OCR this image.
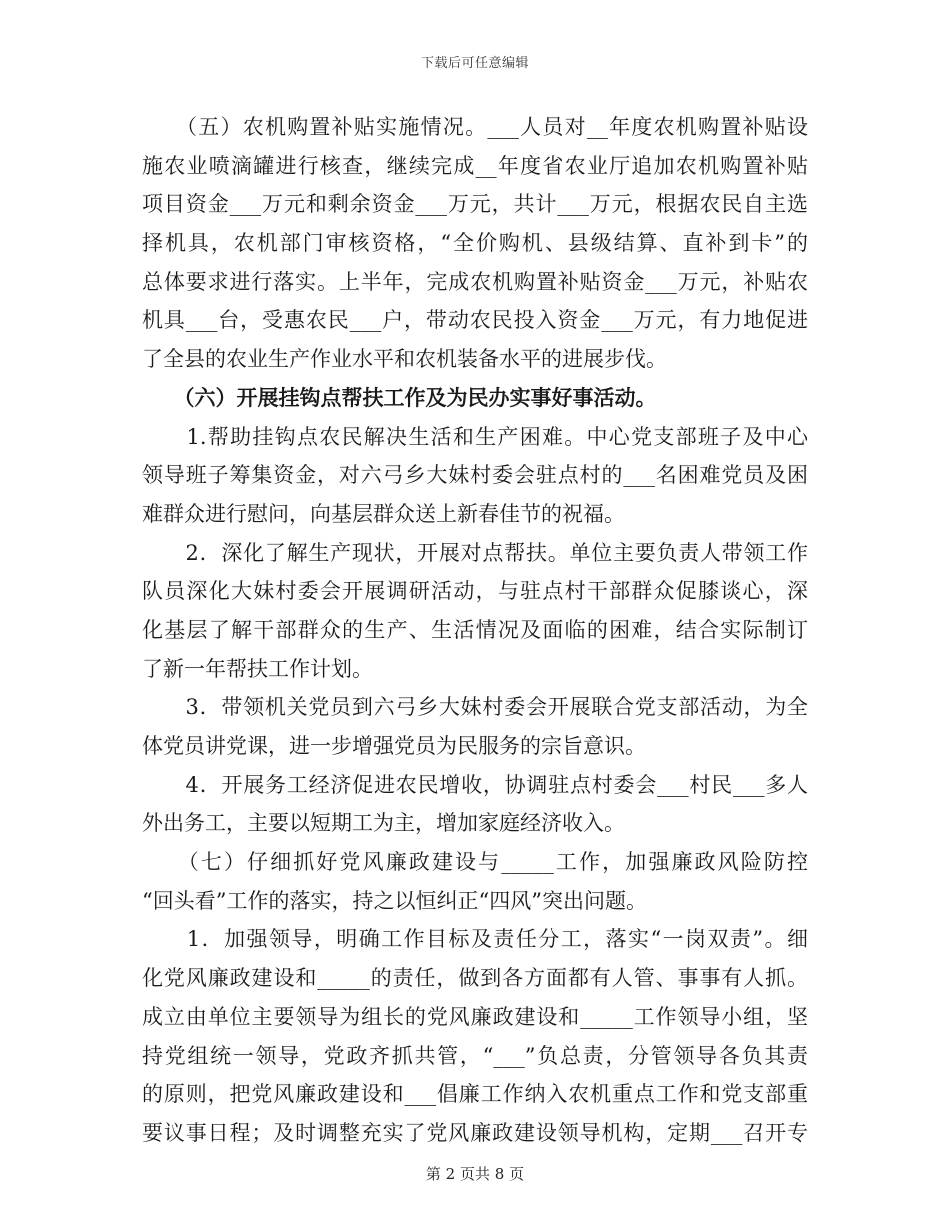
下载后可任意编辑
　　（五）农机购置补贴实施情况。___人员对__年度农机购置补贴设
施农业喷滴罐进行核查，继续完成__年度省农业厅追加农机购置补贴
项目资金___万元和剩余资金___万元，共计___万元，根据农民自主选
择机具，农机部门审核资格，“全价购机、县级结算、直补到卡”的
总体要求进行落实。上半年，完成农机购置补贴资金___万元，补贴农
机具___台，受惠农民___户，带动农民投入资金___万元，有力地促进
了全县的农业生产作业水平和农机装备水平的进展步伐。
　　（六）开展挂钩点帮扶工作及为民办实事好事活动。
　　1.帮助挂钩点农民解决生活和生产困难。中心党支部班子及中心
领导班子筹集资金，对六弓乡大妹村委会驻点村的___名困难党员及困
难群众进行慰问，向基层群众送上新春佳节的祝福。
　　2．深化了解生产现状，开展对点帮扶。单位主要负责人带领工作
队员深化大妹村委会开展调研活动，与驻点村干部群众促膝谈心，深
化基层了解干部群众的生产、生活情况及面临的困难，结合实际制订
了新一年帮扶工作计划。
　　3．带领机关党员到六弓乡大妹村委会开展联合党支部活动，为全
体党员讲党课，进一步增强党员为民服务的宗旨意识。
　　4．开展务工经济促进农民增收，协调驻点村委会___村民___多人
外出务工，主要以短期工为主，增加家庭经济收入。
　　（七）仔细抓好党风廉政建设与_____工作，加强廉政风险防控
“回头看”工作的落实，持之以恒纠正“四风”突出问题。
　　1．加强领导，明确工作目标及责任分工，落实“一岗双责”。细
化党风廉政建设和_____的责任，做到各方面都有人管、事事有人抓。
成立由单位主要领导为组长的党风廉政建设和_____工作领导小组，坚
持党组统一领导，党政齐抓共管，“___”负总责，分管领导各负其责
的原则，把党风廉政建设和___倡廉工作纳入农机重点工作和党支部重
要议事日程；及时调整充实了党风廉政建设领导机构，定期___召开专
第 2 页共 8 页
